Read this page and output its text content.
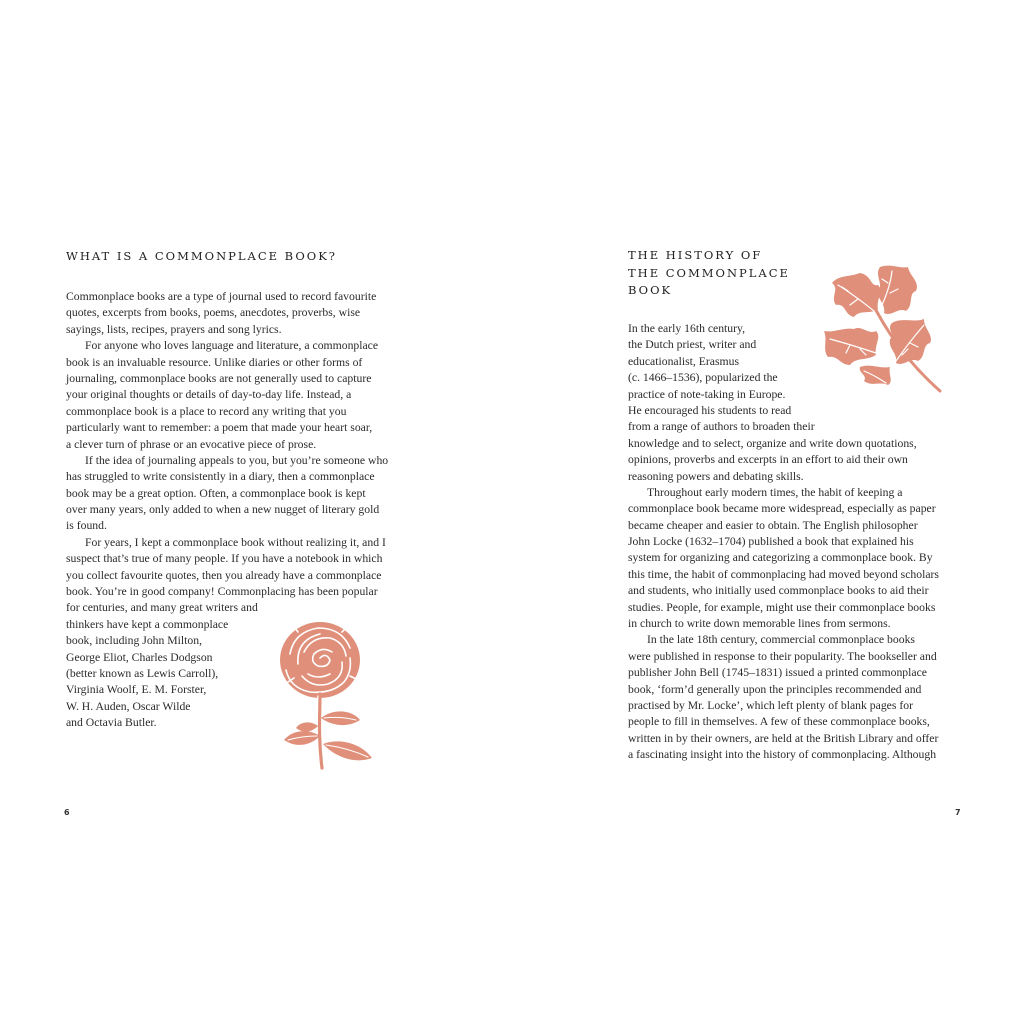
WHAT IS A COMMONPLACE BOOK?
Commonplace books are a type of journal used to record favourite
quotes, excerpts from books, poems, anecdotes, proverbs, wise
sayings, lists, recipes, prayers and song lyrics.
For anyone who loves language and literature, a commonplace
book is an invaluable resource. Unlike diaries or other forms of
journaling, commonplace books are not generally used to capture
your original thoughts or details of day-to-day life. Instead, a
commonplace book is a place to record any writing that you
particularly want to remember: a poem that made your heart soar,
a clever turn of phrase or an evocative piece of prose.
If the idea of journaling appeals to you, but you’re someone who
has struggled to write consistently in a diary, then a commonplace
book may be a great option. Often, a commonplace book is kept
over many years, only added to when a new nugget of literary gold
is found.
For years, I kept a commonplace book without realizing it, and I
suspect that’s true of many people. If you have a notebook in which
you collect favourite quotes, then you already have a commonplace
book. You’re in good company! Commonplacing has been popular
for centuries, and many great writers and
thinkers have kept a commonplace
book, including John Milton,
George Eliot, Charles Dodgson
(better known as Lewis Carroll),
Virginia Woolf, E. M. Forster,
W. H. Auden, Oscar Wilde
and Octavia Butler.
6
THE HISTORY OF
THE COMMONPLACE
BOOK
In the early 16th century,
the Dutch priest, writer and
educationalist, Erasmus
(c. 1466–1536), popularized the
practice of note-taking in Europe.
He encouraged his students to read
from a range of authors to broaden their
knowledge and to select, organize and write down quotations,
opinions, proverbs and excerpts in an effort to aid their own
reasoning powers and debating skills.
Throughout early modern times, the habit of keeping a
commonplace book became more widespread, especially as paper
became cheaper and easier to obtain. The English philosopher
John Locke (1632–1704) published a book that explained his
system for organizing and categorizing a commonplace book. By
this time, the habit of commonplacing had moved beyond scholars
and students, who initially used commonplace books to aid their
studies. People, for example, might use their commonplace books
in church to write down memorable lines from sermons.
In the late 18th century, commercial commonplace books
were published in response to their popularity. The bookseller and
publisher John Bell (1745–1831) issued a printed commonplace
book, ‘form’d generally upon the principles recommended and
practised by Mr. Locke’, which left plenty of blank pages for
people to fill in themselves. A few of these commonplace books,
written in by their owners, are held at the British Library and offer
a fascinating insight into the history of commonplacing. Although
7
